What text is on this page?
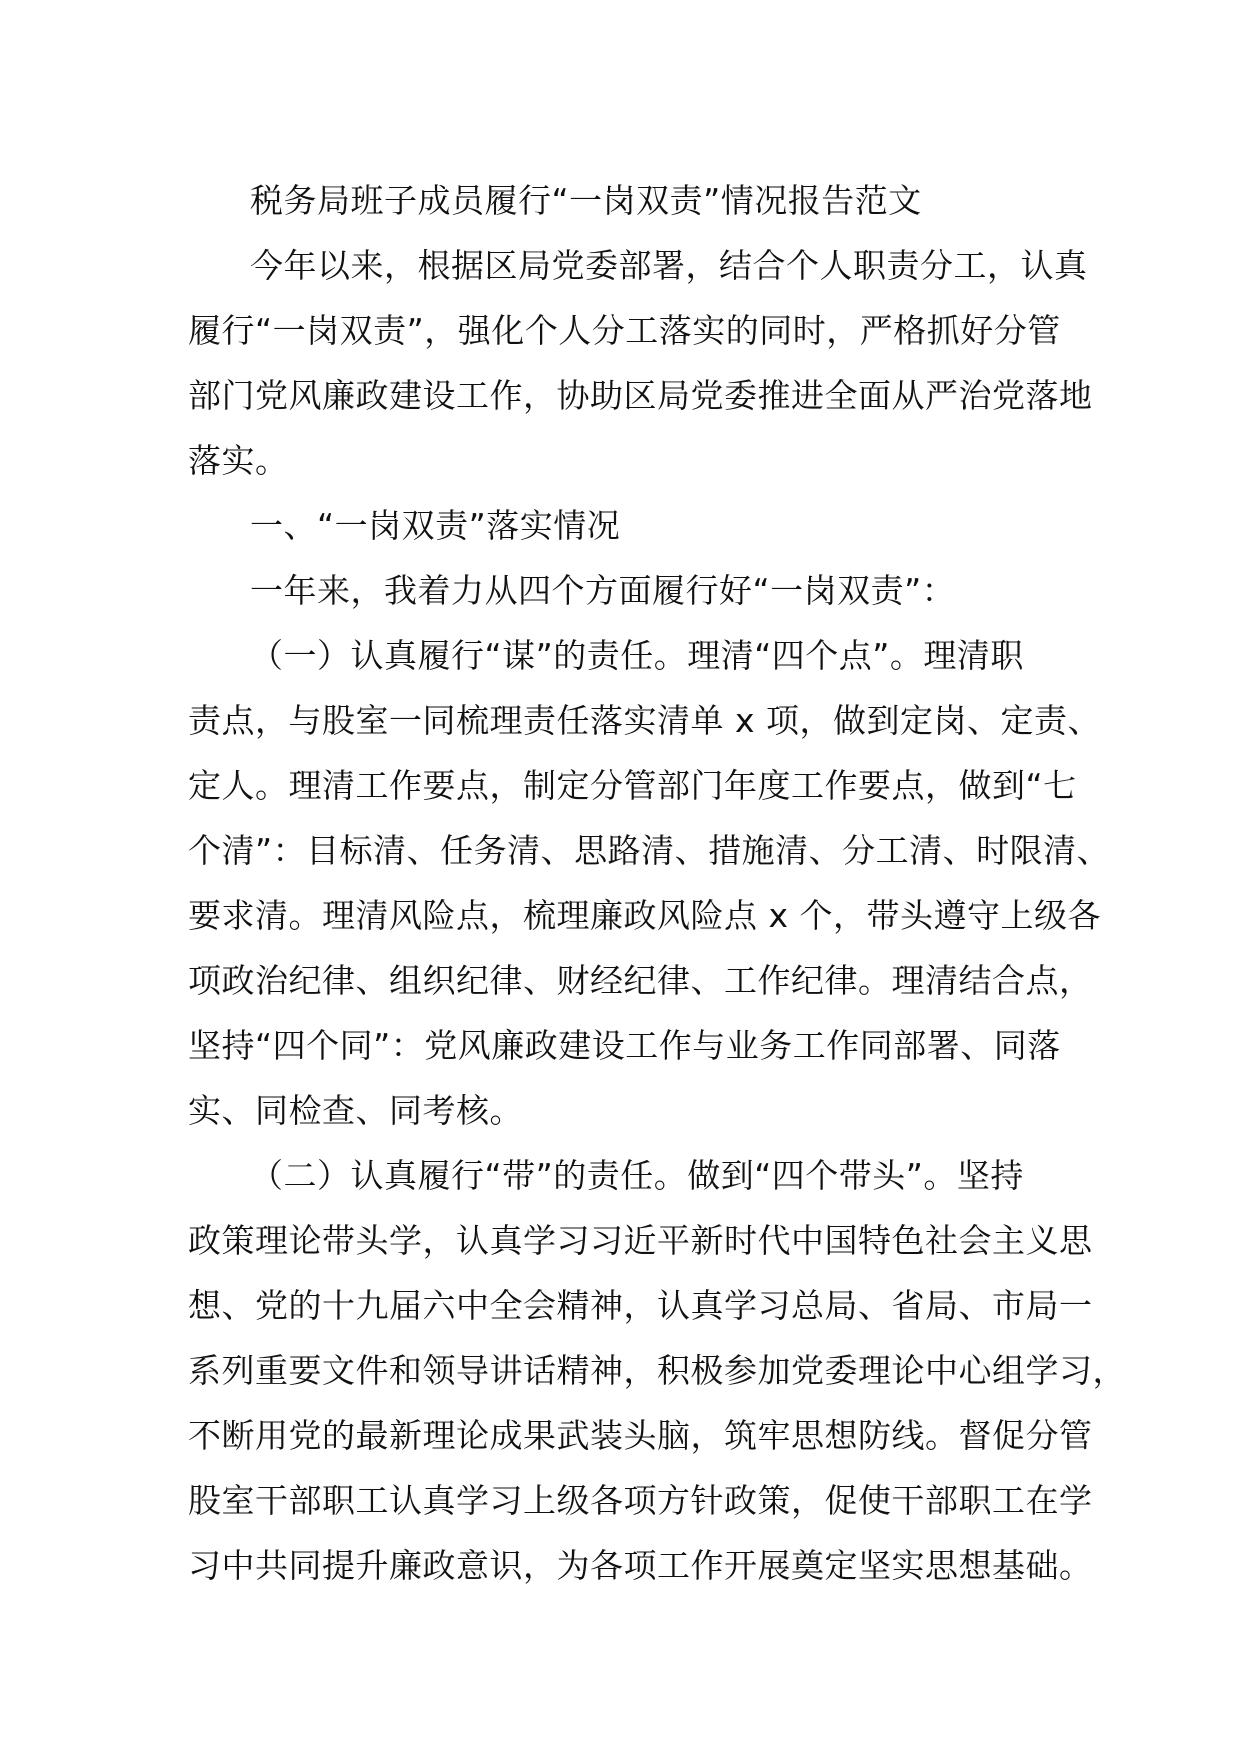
税务局班子成员履行“一岗双责”情况报告范文
今年以来，根据区局党委部署，结合个人职责分工，认真
履行“一岗双责”，强化个人分工落实的同时，严格抓好分管
部门党风廉政建设工作，协助区局党委推进全面从严治党落地
落实。
一、“一岗双责”落实情况
一年来，我着力从四个方面履行好“一岗双责”：
（一）认真履行“谋”的责任。理清“四个点”。理清职
责点，与股室一同梳理责任落实清单 x 项，做到定岗、定责、
定人。理清工作要点，制定分管部门年度工作要点，做到“七
个清”：目标清、任务清、思路清、措施清、分工清、时限清、
要求清。理清风险点，梳理廉政风险点 x 个，带头遵守上级各
项政治纪律、组织纪律、财经纪律、工作纪律。理清结合点，
坚持“四个同”：党风廉政建设工作与业务工作同部署、同落
实、同检查、同考核。
（二）认真履行“带”的责任。做到“四个带头”。坚持
政策理论带头学，认真学习习近平新时代中国特色社会主义思
想、党的十九届六中全会精神，认真学习总局、省局、市局一
系列重要文件和领导讲话精神，积极参加党委理论中心组学习，
不断用党的最新理论成果武装头脑，筑牢思想防线。督促分管
股室干部职工认真学习上级各项方针政策，促使干部职工在学
习中共同提升廉政意识，为各项工作开展奠定坚实思想基础。
